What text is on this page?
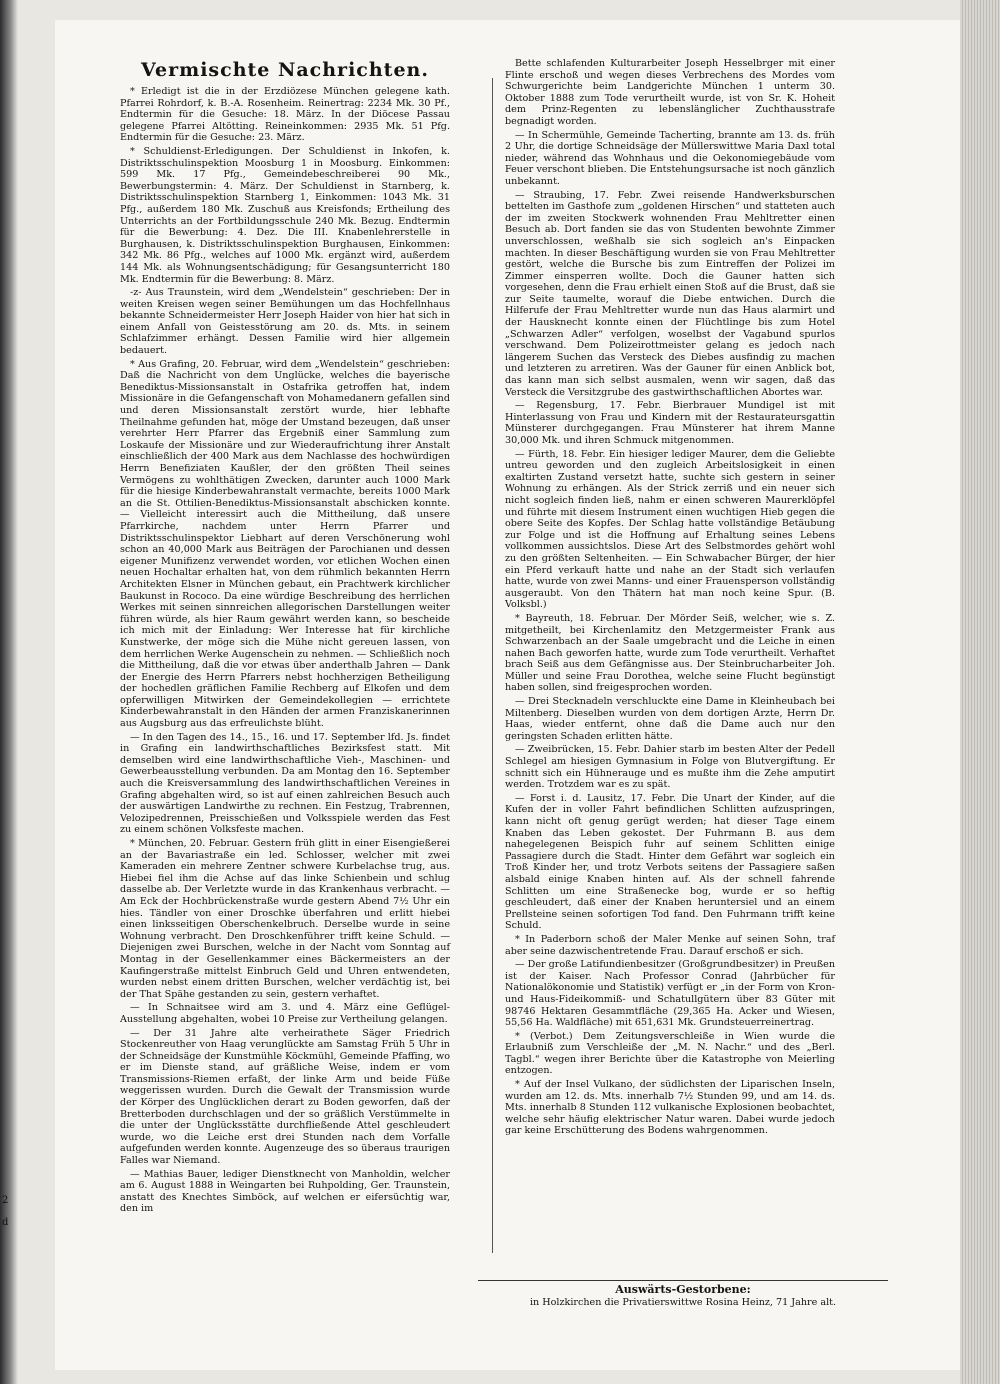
2
d
Vermischte Nachrichten.

* Erledigt ist die in der Erzdiözese München gelegene kath. Pfarrei Rohrdorf, k. B.-A. Rosenheim. Reinertrag: 2234 Mk. 30 Pf., Endtermin für die Gesuche: 18. März. In der Diöcese Passau gelegene Pfarrei Altötting. Reineinkommen: 2935 Mk. 51 Pfg. Endtermin für die Gesuche: 23. März.

* Schuldienst-Erledigungen. Der Schuldienst in Inkofen, k. Distriktsschulinspektion Moosburg 1 in Moosburg. Einkommen: 599 Mk. 17 Pfg., Gemeindebeschreiberei 90 Mk., Bewerbungstermin: 4. März. Der Schuldienst in Starnberg, k. Distriktsschulinspektion Starnberg 1, Einkommen: 1043 Mk. 31 Pfg., außerdem 180 Mk. Zuschuß aus Kreisfonds; Ertheilung des Unterrichts an der Fortbildungsschule 240 Mk. Bezug. Endtermin für die Bewerbung: 4. Dez. Die III. Knabenlehrerstelle in Burghausen, k. Distriktsschulinspektion Burghausen, Einkommen: 342 Mk. 86 Pfg., welches auf 1000 Mk. ergänzt wird, außerdem 144 Mk. als Wohnungsentschädigung; für Gesangsunterricht 180 Mk. Endtermin für die Bewerbung: 8. März.

-z- Aus Traunstein, wird dem „Wendelstein“ geschrieben: Der in weiten Kreisen wegen seiner Bemühungen um das Hochfellnhaus bekannte Schneidermeister Herr Joseph Haider von hier hat sich in einem Anfall von Geistesstörung am 20. ds. Mts. in seinem Schlafzimmer erhängt. Dessen Familie wird hier allgemein bedauert.

* Aus Grafing, 20. Februar, wird dem „Wendelstein“ geschrieben: Daß die Nachricht von dem Unglücke, welches die bayerische Benediktus-Missionsanstalt in Ostafrika getroffen hat, indem Missionäre in die Gefangenschaft von Mohamedanern gefallen sind und deren Missionsanstalt zerstört wurde, hier lebhafte Theilnahme gefunden hat, möge der Umstand bezeugen, daß unser verehrter Herr Pfarrer das Ergebniß einer Sammlung zum Loskaufe der Missionäre und zur Wiederaufrichtung ihrer Anstalt einschließlich der 400 Mark aus dem Nachlasse des hochwürdigen Herrn Benefiziaten Kaußler, der den größten Theil seines Vermögens zu wohlthätigen Zwecken, darunter auch 1000 Mark für die hiesige Kinderbewahranstalt vermachte, bereits 1000 Mark an die St. Ottilien-Benediktus-Missionsanstalt abschicken konnte. — Vielleicht interessirt auch die Mittheilung, daß unsere Pfarrkirche, nachdem unter Herrn Pfarrer und Distriktsschulinspektor Liebhart auf deren Verschönerung wohl schon an 40,000 Mark aus Beiträgen der Parochianen und dessen eigener Munifizenz verwendet worden, vor etlichen Wochen einen neuen Hochaltar erhalten hat, von dem rühmlich bekannten Herrn Architekten Elsner in München gebaut, ein Prachtwerk kirchlicher Baukunst in Rococo. Da eine würdige Beschreibung des herrlichen Werkes mit seinen sinnreichen allegorischen Darstellungen weiter führen würde, als hier Raum gewährt werden kann, so bescheide ich mich mit der Einladung: Wer Interesse hat für kirchliche Kunstwerke, der möge sich die Mühe nicht gereuen lassen, von dem herrlichen Werke Augenschein zu nehmen. — Schließlich noch die Mittheilung, daß die vor etwas über anderthalb Jahren — Dank der Energie des Herrn Pfarrers nebst hochherzigen Betheiligung der hochedlen gräflichen Familie Rechberg auf Elkofen und dem opferwilligen Mitwirken der Gemeindekollegien — errichtete Kinderbewahranstalt in den Händen der armen Franziskanerinnen aus Augsburg aus das erfreulichste blüht.

— In den Tagen des 14., 15., 16. und 17. September lfd. Js. findet in Grafing ein landwirthschaftliches Bezirksfest statt. Mit demselben wird eine landwirthschaftliche Vieh-, Maschinen- und Gewerbeausstellung verbunden. Da am Montag den 16. September auch die Kreisversammlung des landwirthschaftlichen Vereines in Grafing abgehalten wird, so ist auf einen zahlreichen Besuch auch der auswärtigen Landwirthe zu rechnen. Ein Festzug, Trabrennen, Velozipedrennen, Preisschießen und Volksspiele werden das Fest zu einem schönen Volksfeste machen.

* München, 20. Februar. Gestern früh glitt in einer Eisengießerei an der Bavariastraße ein led. Schlosser, welcher mit zwei Kameraden ein mehrere Zentner schwere Kurbelachse trug, aus. Hiebei fiel ihm die Achse auf das linke Schienbein und schlug dasselbe ab. Der Verletzte wurde in das Krankenhaus verbracht. — Am Eck der Hochbrückenstraße wurde gestern Abend 7½ Uhr ein hies. Tändler von einer Droschke überfahren und erlitt hiebei einen linksseitigen Oberschenkelbruch. Derselbe wurde in seine Wohnung verbracht. Den Droschkenführer trifft keine Schuld. — Diejenigen zwei Burschen, welche in der Nacht vom Sonntag auf Montag in der Gesellenkammer eines Bäckermeisters an der Kaufingerstraße mittelst Einbruch Geld und Uhren entwendeten, wurden nebst einem dritten Burschen, welcher verdächtig ist, bei der That Spähe gestanden zu sein, gestern verhaftet.

— In Schnaitsee wird am 3. und 4. März eine Geflügel-Ausstellung abgehalten, wobei 10 Preise zur Vertheilung gelangen.

— Der 31 Jahre alte verheirathete Säger Friedrich Stockenreuther von Haag verunglückte am Samstag Früh 5 Uhr in der Schneidsäge der Kunstmühle Köckmühl, Gemeinde Pfaffing, wo er im Dienste stand, auf gräßliche Weise, indem er vom Transmissions-Riemen erfaßt, der linke Arm und beide Füße weggerissen wurden. Durch die Gewalt der Transmission wurde der Körper des Unglücklichen derart zu Boden geworfen, daß der Bretterboden durchschlagen und der so gräßlich Verstümmelte in die unter der Unglücksstätte durchfließende Attel geschleudert wurde, wo die Leiche erst drei Stunden nach dem Vorfalle aufgefunden werden konnte. Augenzeuge des so überaus traurigen Falles war Niemand.

— Mathias Bauer, lediger Dienstknecht von Manholdin, welcher am 6. August 1888 in Weingarten bei Ruhpolding, Ger. Traunstein, anstatt des Knechtes Simböck, auf welchen er eifersüchtig war, den im

Bette schlafenden Kulturarbeiter Joseph Hesselbrger mit einer Flinte erschoß und wegen dieses Verbrechens des Mordes vom Schwurgerichte beim Landgerichte München 1 unterm 30. Oktober 1888 zum Tode verurtheilt wurde, ist von Sr. K. Hoheit dem Prinz-Regenten zu lebenslänglicher Zuchthausstrafe begnadigt worden.

— In Schermühle, Gemeinde Tacherting, brannte am 13. ds. früh 2 Uhr, die dortige Schneidsäge der Müllerswittwe Maria Daxl total nieder, während das Wohnhaus und die Oekonomiegebäude vom Feuer verschont blieben. Die Entstehungsursache ist noch gänzlich unbekannt.

— Straubing, 17. Febr. Zwei reisende Handwerksburschen bettelten im Gasthofe zum „goldenen Hirschen“ und statteten auch der im zweiten Stockwerk wohnenden Frau Mehltretter einen Besuch ab. Dort fanden sie das von Studenten bewohnte Zimmer unverschlossen, weßhalb sie sich sogleich an's Einpacken machten. In dieser Beschäftigung wurden sie von Frau Mehltretter gestört, welche die Bursche bis zum Eintreffen der Polizei im Zimmer einsperren wollte. Doch die Gauner hatten sich vorgesehen, denn die Frau erhielt einen Stoß auf die Brust, daß sie zur Seite taumelte, worauf die Diebe entwichen. Durch die Hilferufe der Frau Mehltretter wurde nun das Haus alarmirt und der Hausknecht konnte einen der Flüchtlinge bis zum Hotel „Schwarzen Adler“ verfolgen, woselbst der Vagabund spurlos verschwand. Dem Polizeirottmeister gelang es jedoch nach längerem Suchen das Versteck des Diebes ausfindig zu machen und letzteren zu arretiren. Was der Gauner für einen Anblick bot, das kann man sich selbst ausmalen, wenn wir sagen, daß das Versteck die Versitzgrube des gastwirthschaftlichen Abortes war.

— Regensburg, 17. Febr. Bierbrauer Mundigel ist mit Hinterlassung von Frau und Kindern mit der Restaurateursgattin Münsterer durchgegangen. Frau Münsterer hat ihrem Manne 30,000 Mk. und ihren Schmuck mitgenommen.

— Fürth, 18. Febr. Ein hiesiger lediger Maurer, dem die Geliebte untreu geworden und den zugleich Arbeitslosigkeit in einen exaltirten Zustand versetzt hatte, suchte sich gestern in seiner Wohnung zu erhängen. Als der Strick zerriß und ein neuer sich nicht sogleich finden ließ, nahm er einen schweren Maurerklöpfel und führte mit diesem Instrument einen wuchtigen Hieb gegen die obere Seite des Kopfes. Der Schlag hatte vollständige Betäubung zur Folge und ist die Hoffnung auf Erhaltung seines Lebens vollkommen aussichtslos. Diese Art des Selbstmordes gehört wohl zu den größten Seltenheiten. — Ein Schwabacher Bürger, der hier ein Pferd verkauft hatte und nahe an der Stadt sich verlaufen hatte, wurde von zwei Manns- und einer Frauensperson vollständig ausgeraubt. Von den Thätern hat man noch keine Spur. (B. Volksbl.)

* Bayreuth, 18. Februar. Der Mörder Seiß, welcher, wie s. Z. mitgetheilt, bei Kirchenlamitz den Metzgermeister Frank aus Schwarzenbach an der Saale umgebracht und die Leiche in einen nahen Bach geworfen hatte, wurde zum Tode verurtheilt. Verhaftet brach Seiß aus dem Gefängnisse aus. Der Steinbrucharbeiter Joh. Müller und seine Frau Dorothea, welche seine Flucht begünstigt haben sollen, sind freigesprochen worden.

— Drei Stecknadeln verschluckte eine Dame in Kleinheubach bei Miltenberg. Dieselben wurden von dem dortigen Arzte, Herrn Dr. Haas, wieder entfernt, ohne daß die Dame auch nur den geringsten Schaden erlitten hätte.

— Zweibrücken, 15. Febr. Dahier starb im besten Alter der Pedell Schlegel am hiesigen Gymnasium in Folge von Blutvergiftung. Er schnitt sich ein Hühnerauge und es mußte ihm die Zehe amputirt werden. Trotzdem war es zu spät.

— Forst i. d. Lausitz, 17. Febr. Die Unart der Kinder, auf die Kufen der in voller Fahrt befindlichen Schlitten aufzuspringen, kann nicht oft genug gerügt werden; hat dieser Tage einem Knaben das Leben gekostet. Der Fuhrmann B. aus dem nahegelegenen Beispich fuhr auf seinem Schlitten einige Passagiere durch die Stadt. Hinter dem Gefährt war sogleich ein Troß Kinder her, und trotz Verbots seitens der Passagiere saßen alsbald einige Knaben hinten auf. Als der schnell fahrende Schlitten um eine Straßenecke bog, wurde er so heftig geschleudert, daß einer der Knaben heruntersiel und an einem Prellsteine seinen sofortigen Tod fand. Den Fuhrmann trifft keine Schuld.

* In Paderborn schoß der Maler Menke auf seinen Sohn, traf aber seine dazwischentretende Frau. Darauf erschoß er sich.

— Der große Latifundienbesitzer (Großgrundbesitzer) in Preußen ist der Kaiser. Nach Professor Conrad (Jahrbücher für Nationalökonomie und Statistik) verfügt er „in der Form von Kron- und Haus-Fideikommiß- und Schatullgütern über 83 Güter mit 98746 Hektaren Gesammtfläche (29,365 Ha. Acker und Wiesen, 55,56 Ha. Waldfläche) mit 651,631 Mk. Grundsteuerreinertrag.

* (Verbot.) Dem Zeitungsverschleiße in Wien wurde die Erlaubniß zum Verschleiße der „M. N. Nachr.“ und des „Berl. Tagbl.“ wegen ihrer Berichte über die Katastrophe von Meierling entzogen.

* Auf der Insel Vulkano, der südlichsten der Liparischen Inseln, wurden am 12. ds. Mts. innerhalb 7½ Stunden 99, und am 14. ds. Mts. innerhalb 8 Stunden 112 vulkanische Explosionen beobachtet, welche sehr häufig elektrischer Natur waren. Dabei wurde jedoch gar keine Erschütterung des Bodens wahrgenommen.

Auswärts-Gestorbene:
in Holzkirchen die Privatierswittwe Rosina Heinz, 71 Jahre alt.
